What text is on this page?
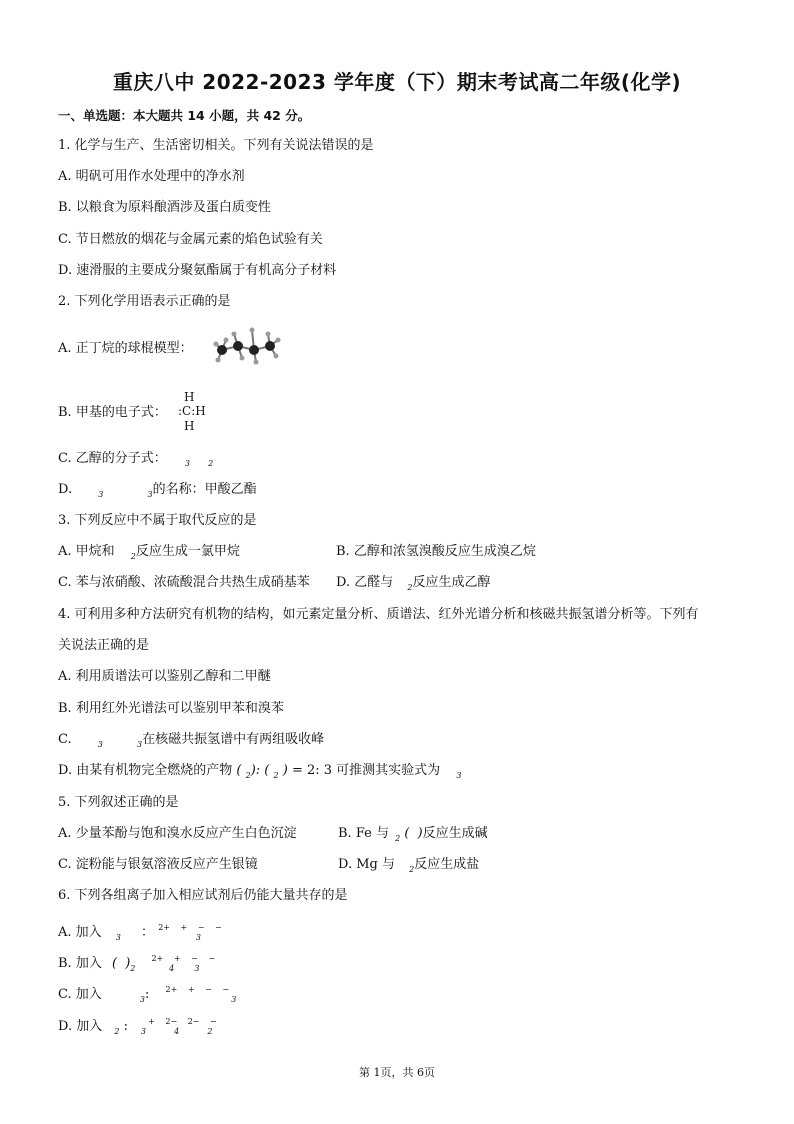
重庆八中 2022-2023 学年度（下）期末考试高二年级(化学)
一、单选题：本大题共 14 小题，共 42 分。
1. 化学与生产、生活密切相关。下列有关说法错误的是
A. 明矾可用作水处理中的净水剂
B. 以粮食为原料酿酒涉及蛋白质变性
C. 节日燃放的烟花与金属元素的焰色试验有关
D. 速滑服的主要成分聚氨酯属于有机高分子材料
2. 下列化学用语表示正确的是
A. 正丁烷的球棍模型：
B. 甲基的电子式：
H
:C:H
H
C. 乙醇的分子式： $_3$ $_2$
D.	$_3$	$_3$的名称：甲酸乙酯
3. 下列反应中不属于取代反应的是
A. 甲烷和 $_2$反应生成一氯甲烷	B. 乙醇和浓氢溴酸反应生成溴乙烷
C. 苯与浓硝酸、浓硫酸混合共热生成硝基苯 D. 乙醛与 $_2$反应生成乙醇
4. 可利用多种方法研究有机物的结构，如元素定量分析、质谱法、红外光谱分析和核磁共振氢谱分析等。下列有
关说法正确的是
A. 利用质谱法可以鉴别乙醇和二甲醚
B. 利用红外光谱法可以鉴别甲苯和溴苯
C.	$_3$	$_3$在核磁共振氢谱中有两组吸收峰
D. 由某有机物完全燃烧的产物 ( $_2$): ( $_2$ ) = 2: 3 可推测其实验式为 $_3$
5. 下列叙述正确的是
A. 少量苯酚与饱和溴水反应产生白色沉淀	B. Fe 与 $_2$ ( )反应生成碱
C. 淀粉能与银氨溶液反应产生银镜	D. Mg 与 $_2$反应生成盐
6. 下列各组离子加入相应试剂后仍能大量共存的是
A. 加入 $_3$ ： $^{2+ + - -}$ $_3$
B. 加入 ( )$_2$ $^{2+ + - -}$ $_4$	$_3$
C. 加入	$_3$: $^{2+ + - -}$ $_3$
D. 加入 $_2$ :	$^{+ 2- 2- -}$ $_3$	$_4$	$_2$
第 1页，共 6页
